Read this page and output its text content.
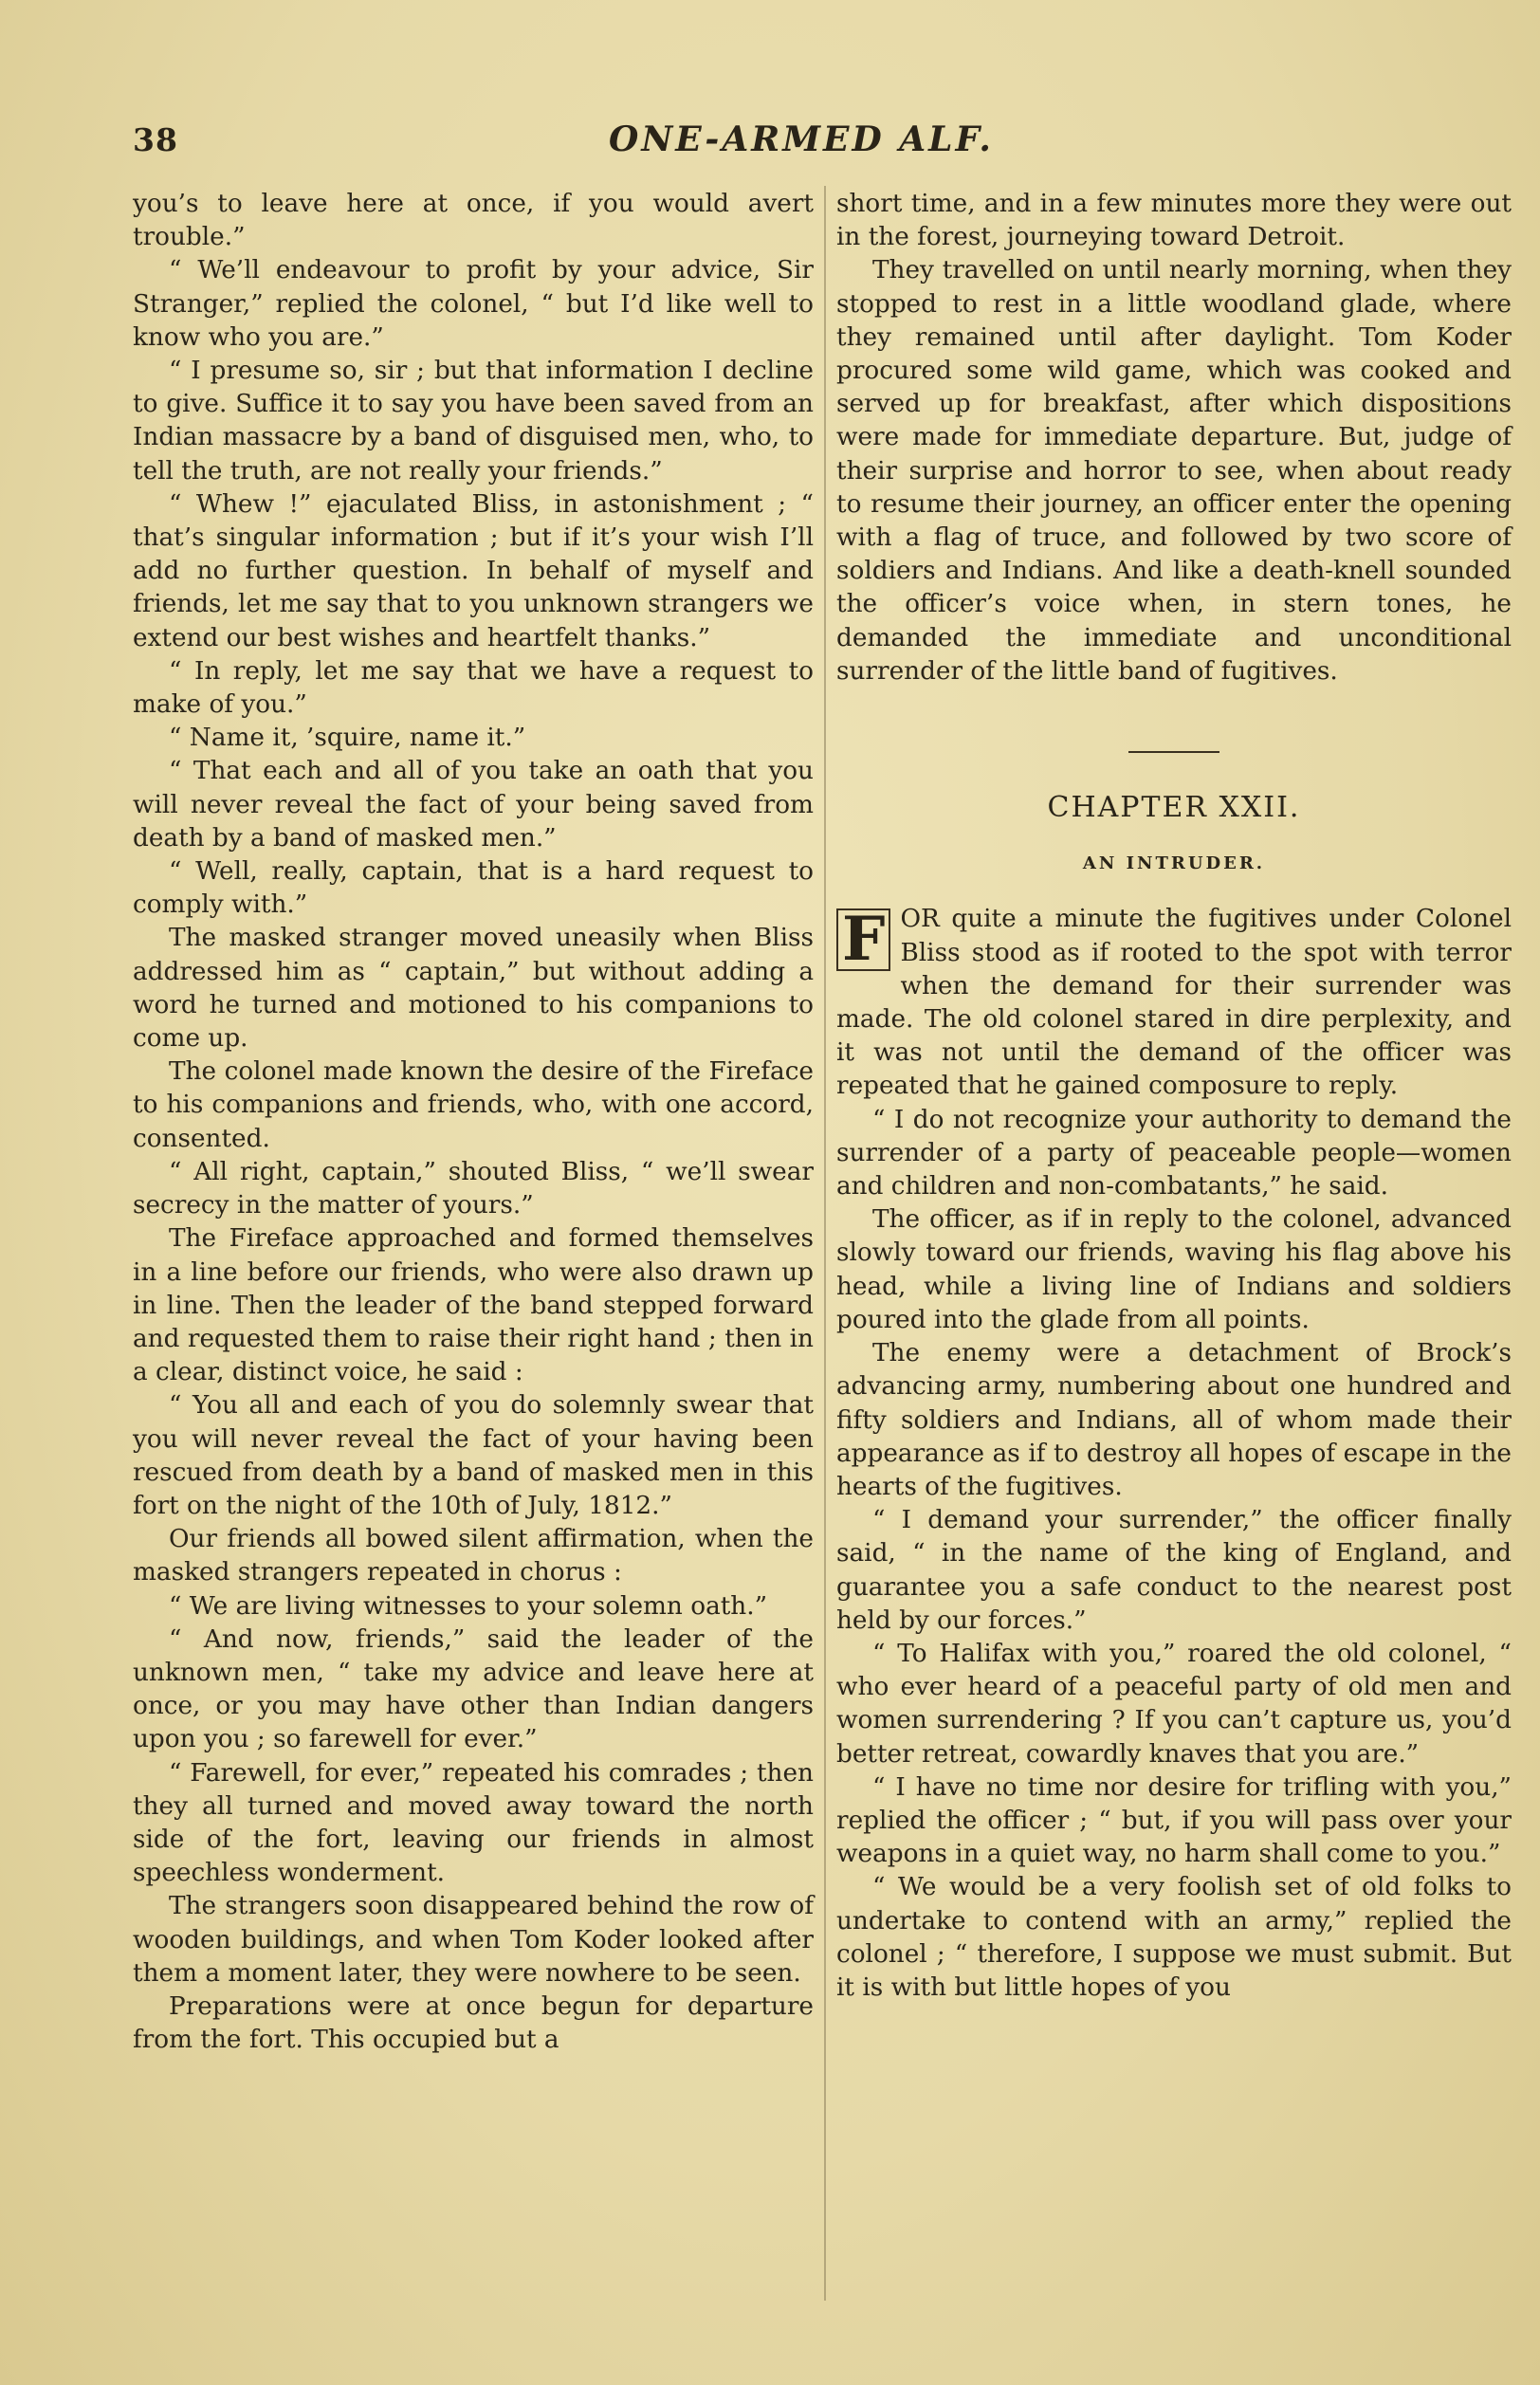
38	ONE-ARMED ALF.

you’s to leave here at once, if you would avert trouble.”

“ We’ll endeavour to profit by your advice, Sir Stranger,” replied the colonel, “ but I’d like well to know who you are.”

“ I presume so, sir ; but that information I decline to give. Suffice it to say you have been saved from an Indian massacre by a band of disguised men, who, to tell the truth, are not really your friends.”

“ Whew !” ejaculated Bliss, in astonishment ; “ that’s singular information ; but if it’s your wish I’ll add no further question. In behalf of myself and friends, let me say that to you unknown strangers we extend our best wishes and heartfelt thanks.”

“ In reply, let me say that we have a request to make of you.”

“ Name it, ’squire, name it.”

“ That each and all of you take an oath that you will never reveal the fact of your being saved from death by a band of masked men.”

“ Well, really, captain, that is a hard request to comply with.”

The masked stranger moved uneasily when Bliss addressed him as “ captain,” but without adding a word he turned and motioned to his companions to come up.

The colonel made known the desire of the Fireface to his companions and friends, who, with one accord, consented.

“ All right, captain,” shouted Bliss, “ we’ll swear secrecy in the matter of yours.”

The Fireface approached and formed themselves in a line before our friends, who were also drawn up in line. Then the leader of the band stepped forward and requested them to raise their right hand ; then in a clear, distinct voice, he said :

“ You all and each of you do solemnly swear that you will never reveal the fact of your having been rescued from death by a band of masked men in this fort on the night of the 10th of July, 1812.”

Our friends all bowed silent affirmation, when the masked strangers repeated in chorus :

“ We are living witnesses to your solemn oath.”

“ And now, friends,” said the leader of the unknown men, “ take my advice and leave here at once, or you may have other than Indian dangers upon you ; so farewell for ever.”

“ Farewell, for ever,” repeated his comrades ; then they all turned and moved away toward the north side of the fort, leaving our friends in almost speechless wonderment.

The strangers soon disappeared behind the row of wooden buildings, and when Tom Koder looked after them a moment later, they were nowhere to be seen.

Preparations were at once begun for departure from the fort. This occupied but a

short time, and in a few minutes more they were out in the forest, journeying toward Detroit.

They travelled on until nearly morning, when they stopped to rest in a little woodland glade, where they remained until after daylight. Tom Koder procured some wild game, which was cooked and served up for breakfast, after which dispositions were made for immediate departure. But, judge of their surprise and horror to see, when about ready to resume their journey, an officer enter the opening with a flag of truce, and followed by two score of soldiers and Indians. And like a death-knell sounded the officer’s voice when, in stern tones, he demanded the immediate and unconditional surrender of the little band of fugitives.

CHAPTER XXII.
AN INTRUDER.

F OR quite a minute the fugitives under Colonel Bliss stood as if rooted to the spot with terror when the demand for their surrender was made. The old colonel stared in dire perplexity, and it was not until the demand of the officer was repeated that he gained composure to reply.

“ I do not recognize your authority to demand the surrender of a party of peaceable people—women and children and non-combatants,” he said.

The officer, as if in reply to the colonel, advanced slowly toward our friends, waving his flag above his head, while a living line of Indians and soldiers poured into the glade from all points.

The enemy were a detachment of Brock’s advancing army, numbering about one hundred and fifty soldiers and Indians, all of whom made their appearance as if to destroy all hopes of escape in the hearts of the fugitives.

“ I demand your surrender,” the officer finally said, “ in the name of the king of England, and guarantee you a safe conduct to the nearest post held by our forces.”

“ To Halifax with you,” roared the old colonel, “ who ever heard of a peaceful party of old men and women surrendering ? If you can’t capture us, you’d better retreat, cowardly knaves that you are.”

“ I have no time nor desire for trifling with you,” replied the officer ; “ but, if you will pass over your weapons in a quiet way, no harm shall come to you.”

“ We would be a very foolish set of old folks to undertake to contend with an army,” replied the colonel ; “ therefore, I suppose we must submit. But it is with but little hopes of you
